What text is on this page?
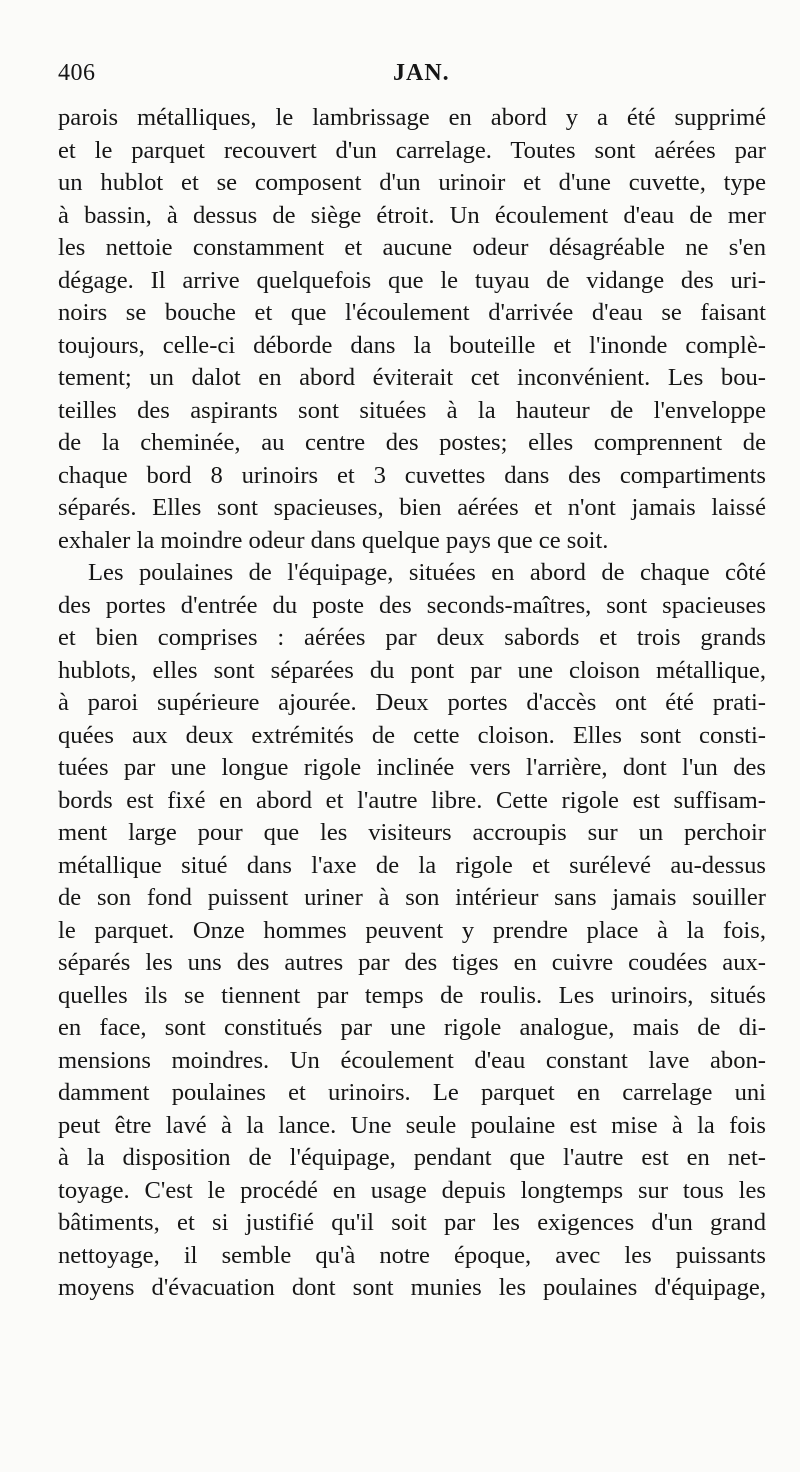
406	JAN.
parois métalliques, le lambrissage en abord y a été supprimé
et le parquet recouvert d'un carrelage. Toutes sont aérées par
un hublot et se composent d'un urinoir et d'une cuvette, type
à bassin, à dessus de siège étroit. Un écoulement d'eau de mer
les nettoie constamment et aucune odeur désagréable ne s'en
dégage. Il arrive quelquefois que le tuyau de vidange des uri-
noirs se bouche et que l'écoulement d'arrivée d'eau se faisant
toujours, celle-ci déborde dans la bouteille et l'inonde complè-
tement; un dalot en abord éviterait cet inconvénient. Les bou-
teilles des aspirants sont situées à la hauteur de l'enveloppe
de la cheminée, au centre des postes; elles comprennent de
chaque bord 8 urinoirs et 3 cuvettes dans des compartiments
séparés. Elles sont spacieuses, bien aérées et n'ont jamais laissé
exhaler la moindre odeur dans quelque pays que ce soit.
Les poulaines de l'équipage, situées en abord de chaque côté
des portes d'entrée du poste des seconds-maîtres, sont spacieuses
et bien comprises : aérées par deux sabords et trois grands
hublots, elles sont séparées du pont par une cloison métallique,
à paroi supérieure ajourée. Deux portes d'accès ont été prati-
quées aux deux extrémités de cette cloison. Elles sont consti-
tuées par une longue rigole inclinée vers l'arrière, dont l'un des
bords est fixé en abord et l'autre libre. Cette rigole est suffisam-
ment large pour que les visiteurs accroupis sur un perchoir
métallique situé dans l'axe de la rigole et surélevé au-dessus
de son fond puissent uriner à son intérieur sans jamais souiller
le parquet. Onze hommes peuvent y prendre place à la fois,
séparés les uns des autres par des tiges en cuivre coudées aux-
quelles ils se tiennent par temps de roulis. Les urinoirs, situés
en face, sont constitués par une rigole analogue, mais de di-
mensions moindres. Un écoulement d'eau constant lave abon-
damment poulaines et urinoirs. Le parquet en carrelage uni
peut être lavé à la lance. Une seule poulaine est mise à la fois
à la disposition de l'équipage, pendant que l'autre est en net-
toyage. C'est le procédé en usage depuis longtemps sur tous les
bâtiments, et si justifié qu'il soit par les exigences d'un grand
nettoyage, il semble qu'à notre époque, avec les puissants
moyens d'évacuation dont sont munies les poulaines d'équipage,
